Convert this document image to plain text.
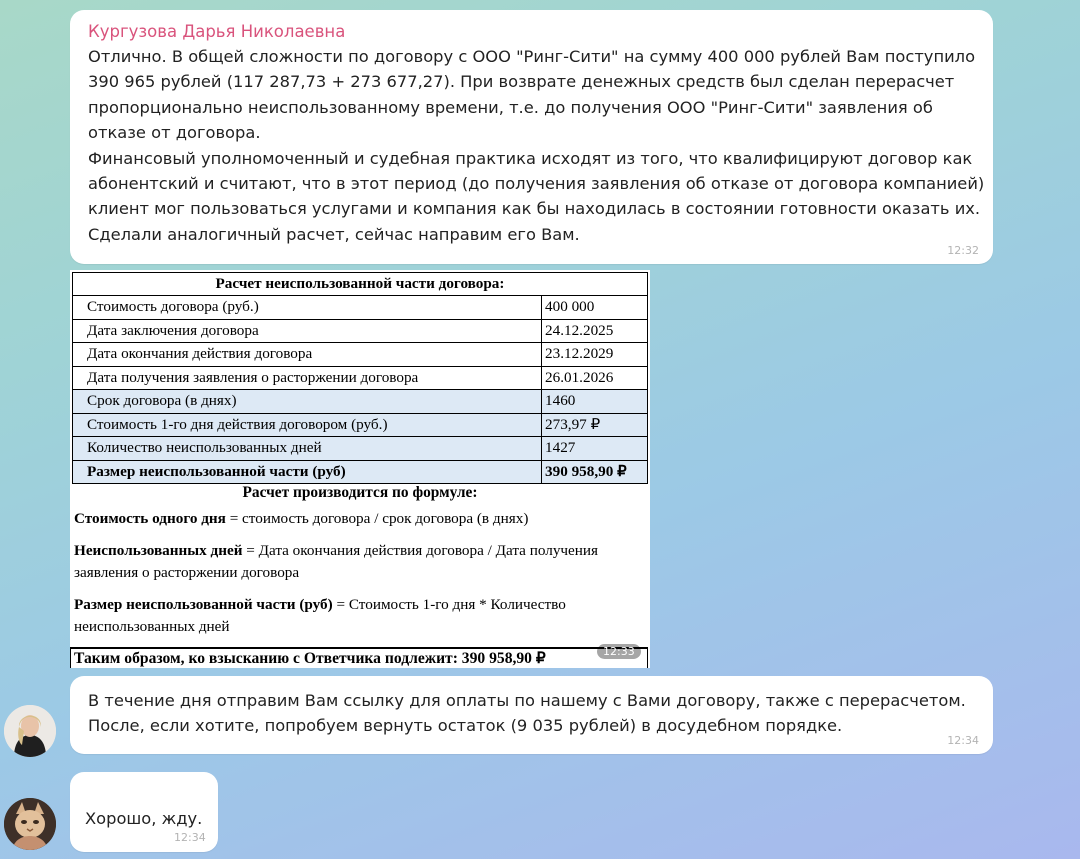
Кургузова Дарья Николаевна

Отлично. В общей сложности по договору с ООО "Ринг-Сити" на сумму 400 000 рублей Вам поступило 390 965 рублей (117 287,73 + 273 677,27). При возврате денежных средств был сделан перерасчет пропорционально неиспользованному времени, т.е. до получения ООО "Ринг-Сити" заявления об отказе от договора.

Финансовый уполномоченный и судебная практика исходят из того, что квалифицируют договор как абонентский и считают, что в этот период (до получения заявления об отказе от договора компанией) клиент мог пользоваться услугами и компания как бы находилась в состоянии готовности оказать их. Сделали аналогичный расчет, сейчас направим его Вам.

12:32
Расчет неиспользованной части договора:	
Стоимость договора (руб.)	400 000
Дата заключения договора	24.12.2025
Дата окончания действия договора	23.12.2029
Дата получения заявления о расторжении договора	26.01.2026
Срок договора (в днях)	1460
Стоимость 1-го дня действия договором (руб.)	273,97 ₽
Количество неиспользованных дней	1427
Размер неиспользованной части (руб)	390 958,90 ₽
Расчет производится по формуле:

Стоимость одного дня = стоимость договора / срок договора (в днях)

Неиспользованных дней = Дата окончания действия договора / Дата получения заявления о расторжении договора

Размер неиспользованной части (руб) = Стоимость 1-го дня * Количество неиспользованных дней

Таким образом, ко взысканию с Ответчика подлежит: 390 958,90 ₽	12:33

В течение дня отправим Вам ссылку для оплаты по нашему с Вами договору, также с перерасчетом. После, если хотите, попробуем вернуть остаток (9 035 рублей) в досудебном порядке.

12:34

Хорошо, жду.

12:34
